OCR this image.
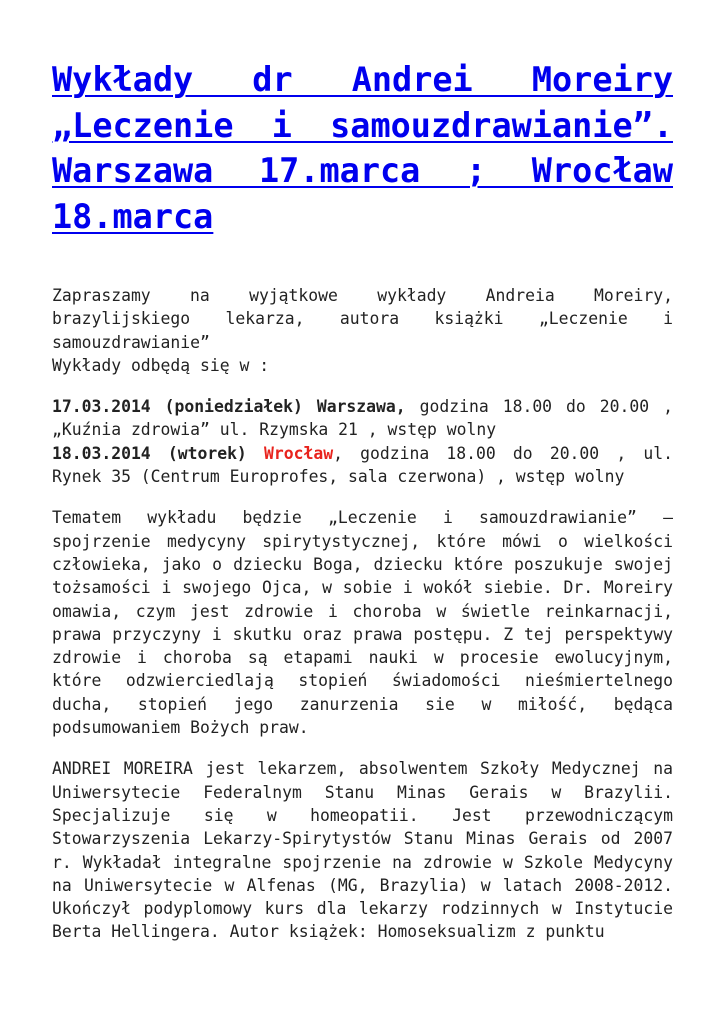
Wykłady dr Andrei Moreiry „Leczenie i samouzdrawianie”. Warszawa 17.marca ; Wrocław 18.marca

Zapraszamy na wyjątkowe wykłady Andreia Moreiry, brazylijskiego lekarza, autora książki „Leczenie i samouzdrawianie”

Wykłady odbędą się w :

17.03.2014 (poniedziałek) Warszawa, godzina 18.00 do 20.00 , „Kuźnia zdrowia” ul. Rzymska 21 , wstęp wolny

18.03.2014 (wtorek) Wrocław, godzina 18.00 do 20.00 , ul. Rynek 35 (Centrum Europrofes, sala czerwona) , wstęp wolny

Tematem wykładu będzie „Leczenie i samouzdrawianie” – spojrzenie medycyny spirytystycznej, które mówi o wielkości człowieka, jako o dziecku Boga, dziecku które poszukuje swojej tożsamości i swojego Ojca, w sobie i wokół siebie. Dr. Moreiry omawia, czym jest zdrowie i choroba w świetle reinkarnacji, prawa przyczyny i skutku oraz prawa postępu. Z tej perspektywy zdrowie i choroba są etapami nauki w procesie ewolucyjnym, które odzwierciedlają stopień świadomości nieśmiertelnego ducha, stopień jego zanurzenia sie w miłość, będąca podsumowaniem Bożych praw.

ANDREI MOREIRA jest lekarzem, absolwentem Szkoły Medycznej na Uniwersytecie Federalnym Stanu Minas Gerais w Brazylii. Specjalizuje się w homeopatii. Jest przewodniczącym Stowarzyszenia Lekarzy-Spirytystów Stanu Minas Gerais od 2007 r. Wykładał integralne spojrzenie na zdrowie w Szkole Medycyny na Uniwersytecie w Alfenas (MG, Brazylia) w latach 2008-2012. Ukończył podyplomowy kurs dla lekarzy rodzinnych w Instytucie Berta Hellingera. Autor książek: Homoseksualizm z punktu
